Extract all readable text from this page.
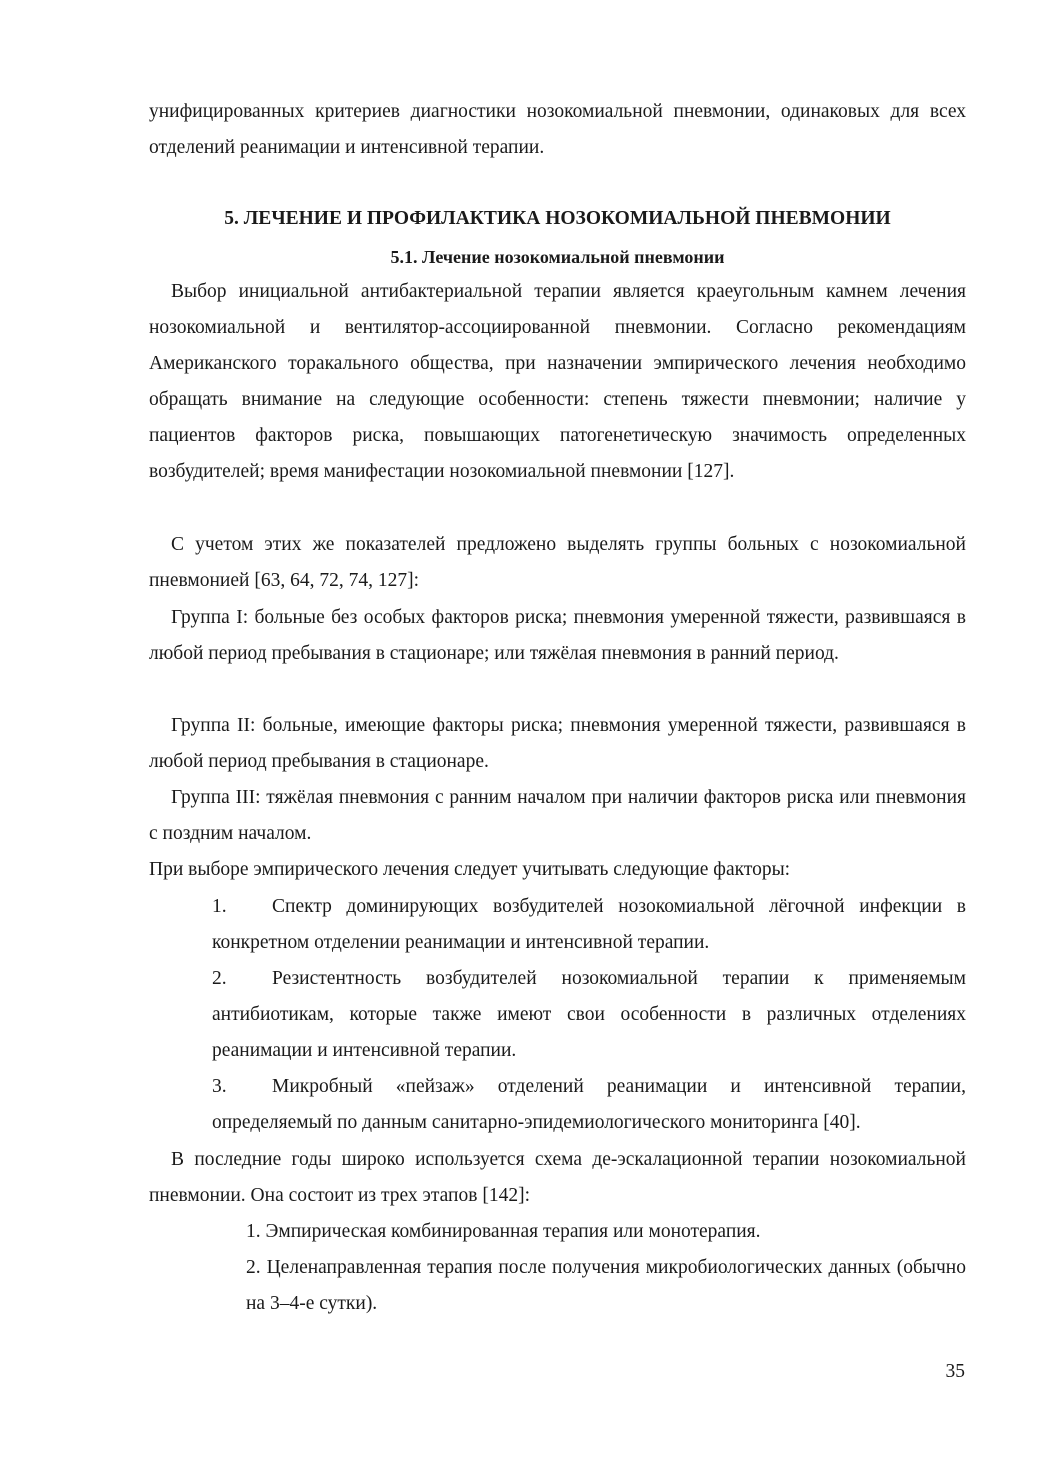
унифицированных критериев диагностики нозокомиальной пневмонии, одинаковых для всех отделений реанимации и интенсивной терапии.

5. ЛЕЧЕНИЕ И ПРОФИЛАКТИКА НОЗОКОМИАЛЬНОЙ ПНЕВМОНИИ
5.1. Лечение нозокомиальной пневмонии

Выбор инициальной антибактериальной терапии является краеугольным камнем лечения нозокомиальной и вентилятор-ассоциированной пневмонии. Согласно рекомендациям Американского торакального общества, при назначении эмпирического лечения необходимо обращать внимание на следующие особенности: степень тяжести пневмонии; наличие у пациентов факторов риска, повышающих патогенетическую значимость определенных возбудителей; время манифестации нозокомиальной пневмонии [127].

С учетом этих же показателей предложено выделять группы больных с нозокомиальной пневмонией [63, 64, 72, 74, 127]:

Группа I: больные без особых факторов риска; пневмония умеренной тяжести, развившаяся в любой период пребывания в стационаре; или тяжёлая пневмония в ранний период.

Группа II: больные, имеющие факторы риска; пневмония умеренной тяжести, развившаяся в любой период пребывания в стационаре.

Группа III: тяжёлая пневмония с ранним началом при наличии факторов риска или пневмония с поздним началом.

При выборе эмпирического лечения следует учитывать следующие факторы:

1.	Спектр доминирующих возбудителей нозокомиальной лёгочной инфекции в конкретном отделении реанимации и интенсивной терапии.

2.	Резистентность возбудителей нозокомиальной терапии к применяемым антибиотикам, которые также имеют свои особенности в различных отделениях реанимации и интенсивной терапии.

3.	Микробный «пейзаж» отделений реанимации и интенсивной терапии, определяемый по данным санитарно-эпидемиологического мониторинга [40].

В последние годы широко используется схема де-эскалационной терапии нозокомиальной пневмонии. Она состоит из трех этапов [142]:

1. Эмпирическая комбинированная терапия или монотерапия.

2. Целенаправленная терапия после получения микробиологических данных (обычно на 3–4-е сутки).

35
